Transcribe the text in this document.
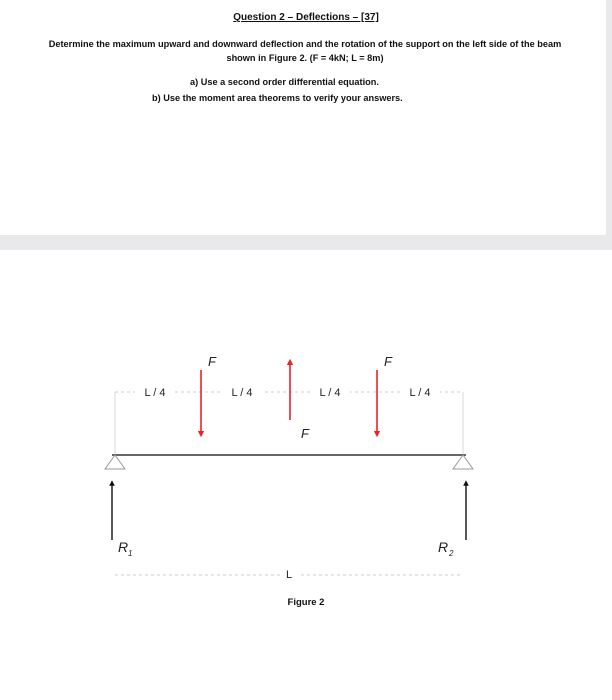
Question 2 – Deflections – [37]
Determine the maximum upward and downward deflection and the rotation of the support on the left side of the beam shown in Figure 2. (F = 4kN; L = 8m)
a) Use a second order differential equation.
b) Use the moment area theorems to verify your answers.
L / 4	L / 4	L / 4	L / 4
F
F
F
R 1	R 2
L
Figure 2
